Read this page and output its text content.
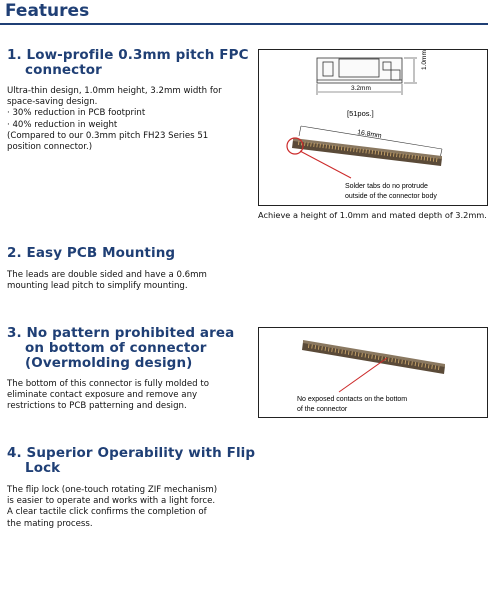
Features
1. Low-profile 0.3mm pitch FPC
connector
Ultra-thin design, 1.0mm height, 3.2mm width for
space-saving design.
· 30% reduction in PCB footprint
· 40% reduction in weight
(Compared to our 0.3mm pitch FH23 Series 51
position connector.)
1.0mm
3.2mm
[51pos.]
16.8mm
Solder tabs do no protrude
outside of the connector body
Achieve a height of 1.0mm and mated depth of 3.2mm.
2. Easy PCB Mounting
The leads are double sided and have a 0.6mm
mounting lead pitch to simplify mounting.
3. No pattern prohibited area
on bottom of connector
(Overmolding design)
The bottom of this connector is fully molded to
eliminate contact exposure and remove any
restrictions to PCB patterning and design.
No exposed contacts on the bottom
of the connector
4. Superior Operability with Flip
Lock
The flip lock (one-touch rotating ZIF mechanism)
is easier to operate and works with a light force.
A clear tactile click confirms the completion of
the mating process.
